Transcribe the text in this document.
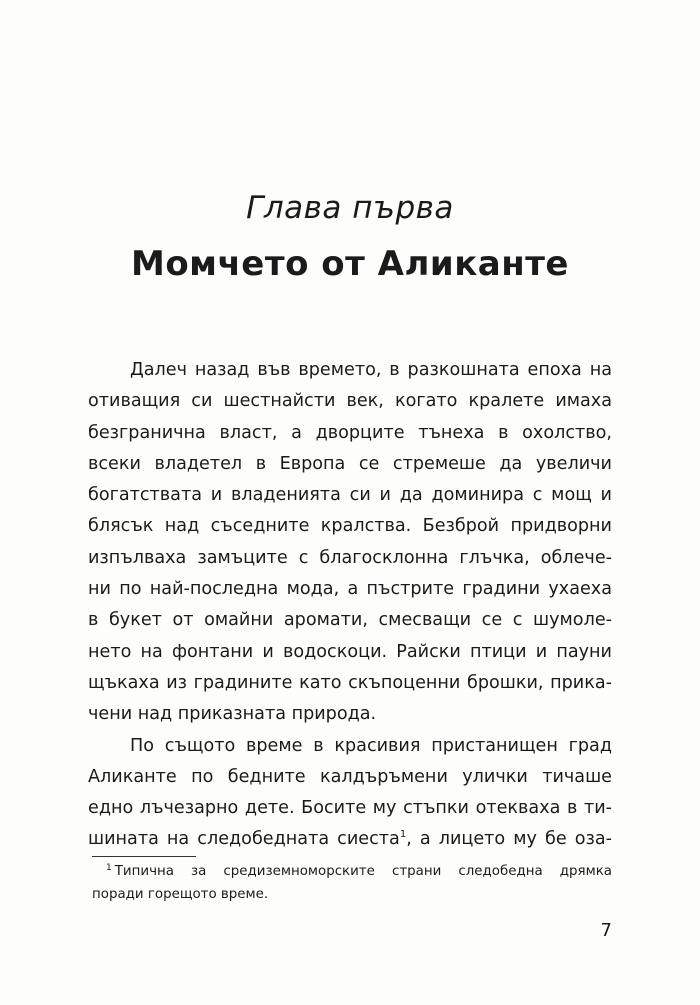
Глава първа
Момчето от Аликанте
Далеч назад във времето, в разкошната епоха на
отиващия си шестнайсти век, когато кралете имаха
безгранична власт, а дворците тънеха в охолство,
всеки владетел в Европа се стремеше да увеличи
богатствата и владенията си и да доминира с мощ и
блясък над съседните кралства. Безброй придворни
изпълваха замъците с благосклонна глъчка, облече-
ни по най-последна мода, а пъстрите градини ухаеха
в букет от омайни аромати, смесващи се с шумоле-
нето на фонтани и водоскоци. Райски птици и пауни
щъкаха из градините като скъпоценни брошки, прика-
чени над приказната природа.
По същото време в красивия пристанищен град
Аликанте по бедните калдъръмени улички тичаше
едно лъчезарно дете. Босите му стъпки отекваха в ти-
шината на следобедната сиеста$^1$, а лицето му бе оза-
$^1$ Типична за средиземноморските страни следобедна дрямка
поради горещото време.
7
